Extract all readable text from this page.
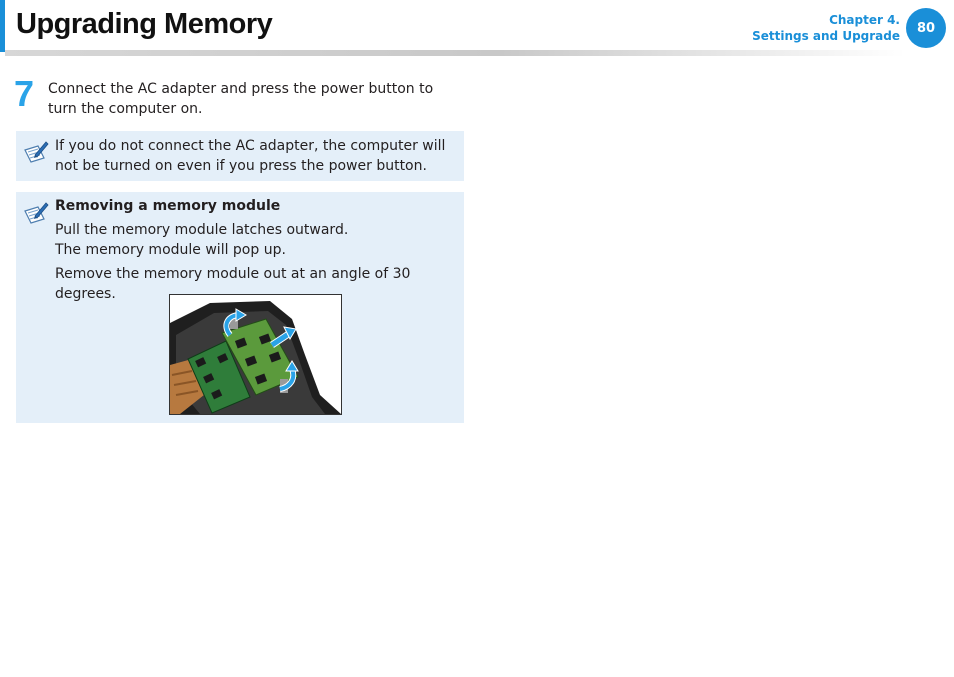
Upgrading Memory	Chapter 4.
Settings and Upgrade
80
7 Connect the AC adapter and press the power button to turn the computer on.
If you do not connect the AC adapter, the computer will not be turned on even if you press the power button.
Removing a memory module
Pull the memory module latches outward.
The memory module will pop up.
Remove the memory module out at an angle of 30 degrees.
